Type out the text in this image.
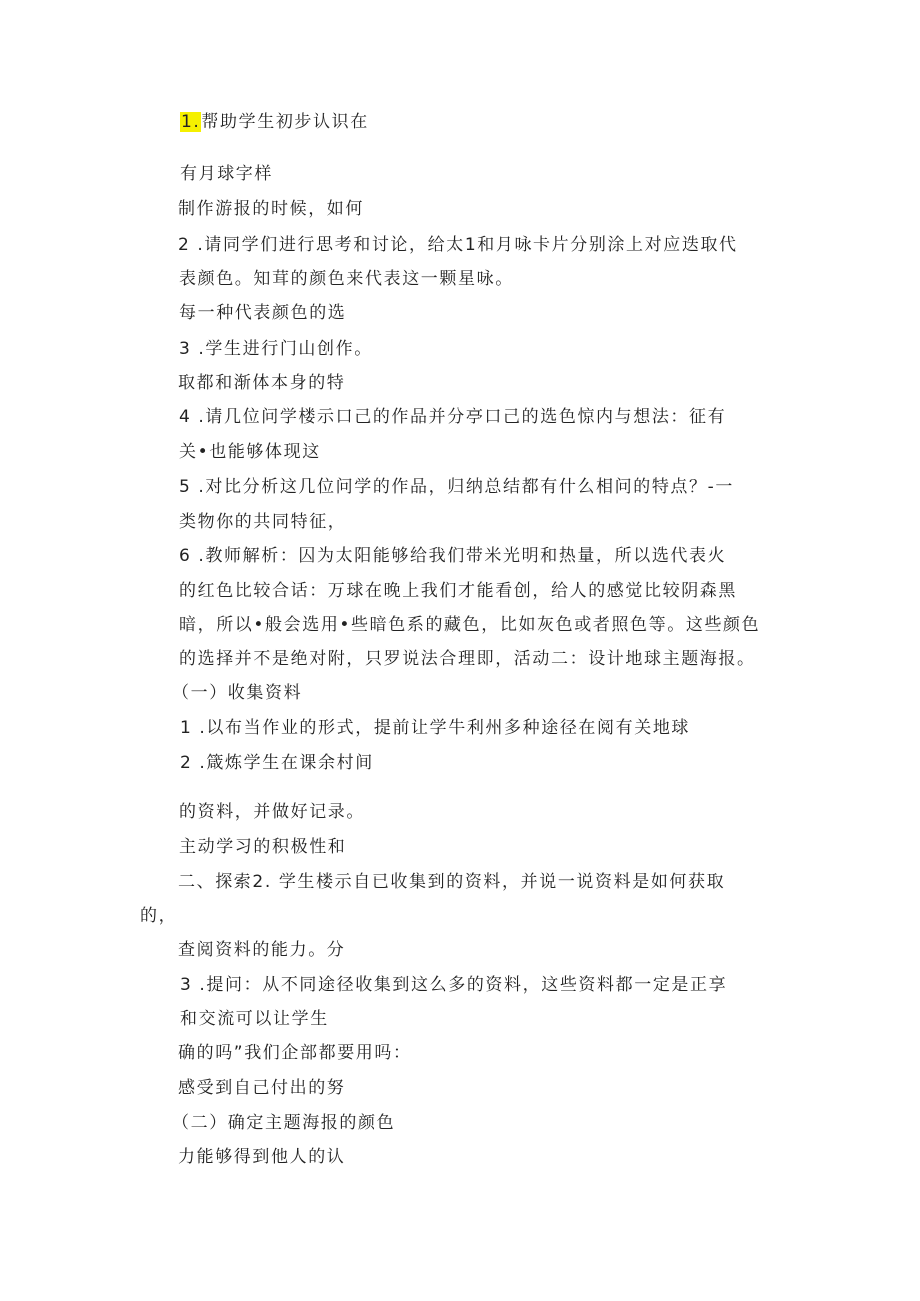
1.帮助学生初步认识在
有月球字样
制作游报的时候，如何
2 .请同学们进行思考和讨论，给太1和月咏卡片分别涂上对应迭取代
表颜色。知茸的颜色来代表这一颗星咏。
每一种代表颜色的选
3 .学生进行门山创作。
取都和渐体本身的特
4 .请几位问学楼示口己的作品并分亭口己的选色惊内与想法：征有
关•也能够体现这
5 .对比分析这几位问学的作品，归纳总结都有什么相问的特点？-一
类物你的共同特征，
6 .教师解析：囚为太阳能够给我们带米光明和热量，所以选代表火
的红色比较合话：万球在晚上我们才能看创，给人的感觉比较阴森黑
暗，所以•般会选用•些暗色系的藏色，比如灰色或者照色等。这些颜色
的选择并不是绝对附，只罗说法合理即，活动二：设计地球主题海报。
（一）收集资料
1 .以布当作业的形式，提前让学牛利州多种途径在阅有关地球
2 .箴炼学生在课余村间
的资料，并做好记录。
主动学习的积极性和
二、探索2. 学生楼示自已收集到的资料，并说一说资料是如何获取
的，
查阅资料的能力。分
3 .提问：从不同途径收集到这么多的资料，这些资料都一定是正享
和交流可以让学生
确的吗”我们企部都要用吗：
感受到自己付出的努
（二）确定主题海报的颜色
力能够得到他人的认
